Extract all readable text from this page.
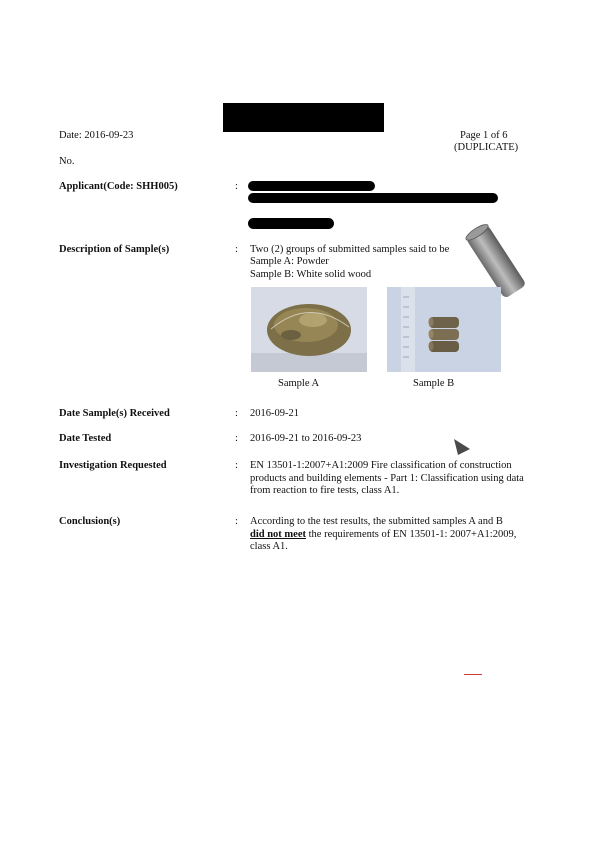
Date: 2016-09-23
No.
Page 1 of 6
(DUPLICATE)
Applicant(Code: SHH005)	:
Description of Sample(s)	: Two (2) groups of submitted samples said to be
Sample A: Powder
Sample B: White solid wood
Sample A	Sample B
Date Sample(s) Received	: 2016-09-21
Date Tested	: 2016-09-21 to 2016-09-23
Investigation Requested	: EN 13501-1:2007+A1:2009 Fire classification of construction
products and building elements - Part 1: Classification using data
from reaction to fire tests, class A1.
Conclusion(s)	: According to the test results, the submitted samples A and B
did not meet the requirements of EN 13501-1: 2007+A1:2009,
class A1.
